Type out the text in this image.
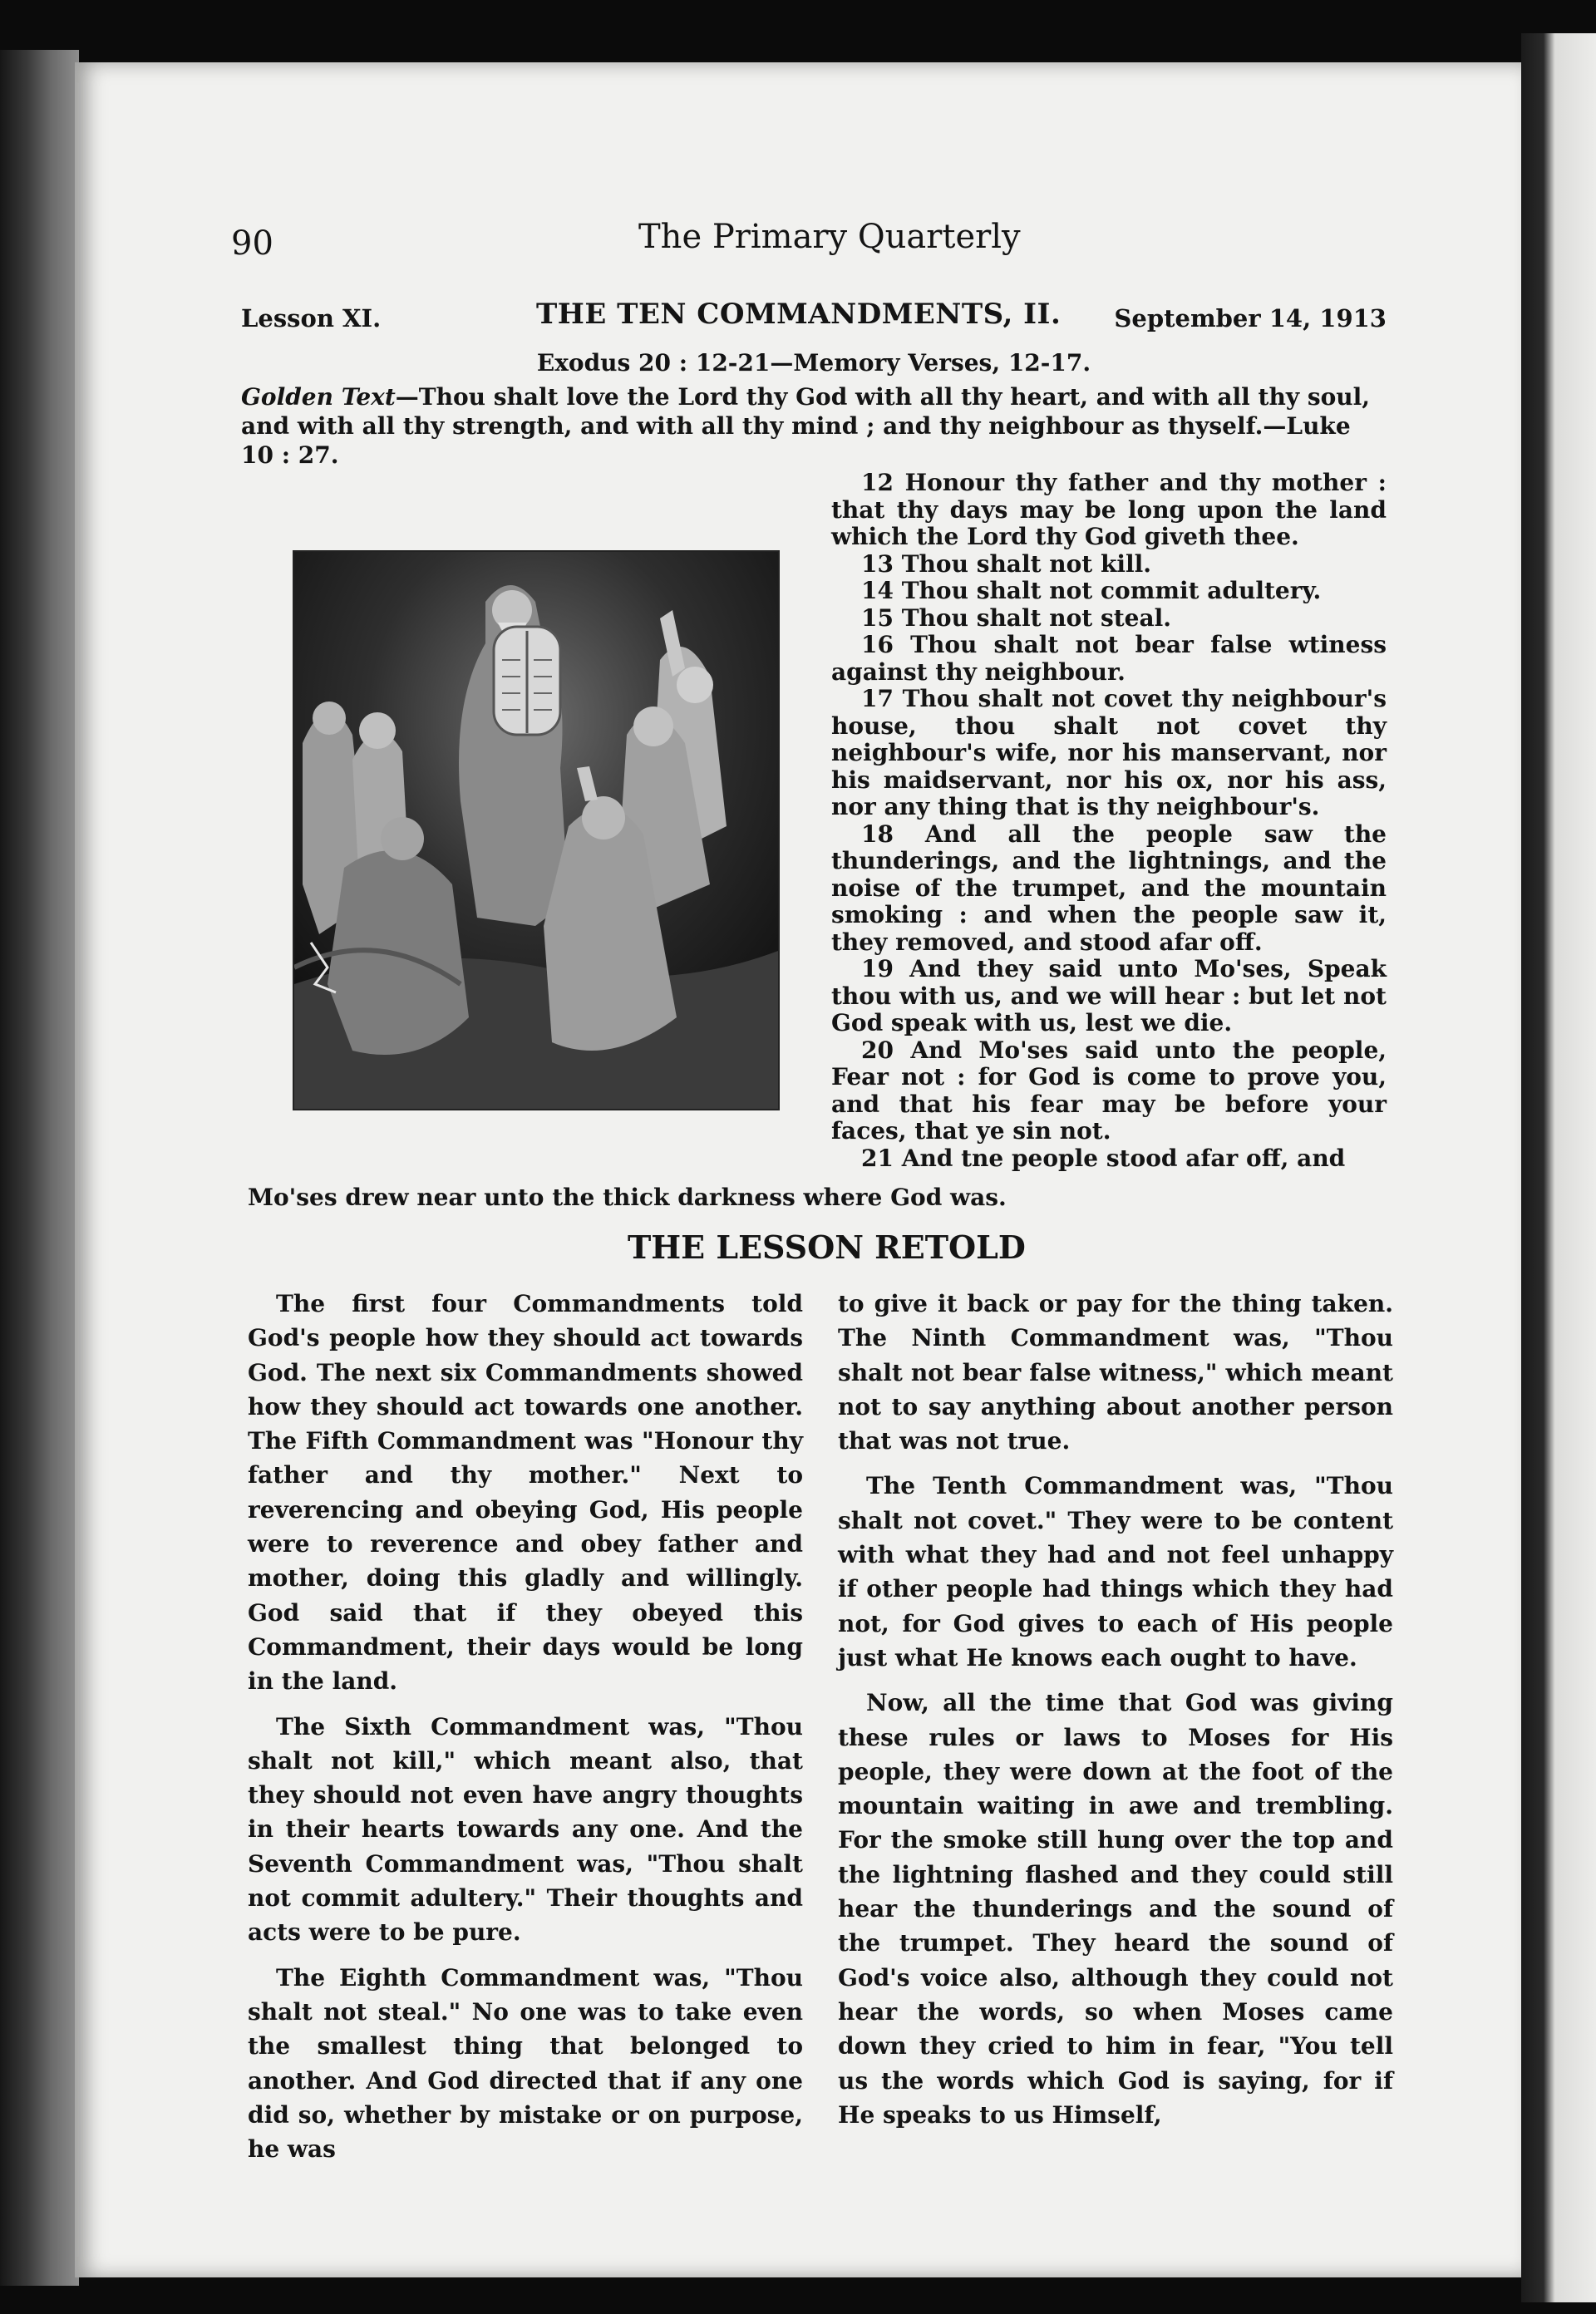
90	The Primary Quarterly
Lesson XI.	THE TEN COMMANDMENTS, II. September 14, 1913
Exodus 20 : 12-21—Memory Verses, 12-17.
Golden Text—Thou shalt love the Lord thy God with all thy heart, and with all thy soul, and with all thy strength, and with all thy mind ; and thy neighbour as thyself.—Luke 10 : 27.

12 Honour thy father and thy mother : that thy days may be long upon the land which the Lord thy God giveth thee.

13 Thou shalt not kill.

14 Thou shalt not commit adultery.

15 Thou shalt not steal.

16 Thou shalt not bear false wtiness against thy neighbour.

17 Thou shalt not covet thy neighbour's house, thou shalt not covet thy neighbour's wife, nor his manservant, nor his maidservant, nor his ox, nor his ass, nor any thing that is thy neighbour's.

18 And all the people saw the thunderings, and the lightnings, and the noise of the trumpet, and the mountain smoking : and when the people saw it, they removed, and stood afar off.

19 And they said unto Mo'ses, Speak thou with us, and we will hear : but let not God speak with us, lest we die.

20 And Mo'ses said unto the people, Fear not : for God is come to prove you, and that his fear may be before your faces, that ye sin not.

21 And tne people stood afar off, and

Mo'ses drew near unto the thick darkness where God was.
THE LESSON RETOLD

The first four Commandments told God's people how they should act towards God. The next six Commandments showed how they should act towards one another. The Fifth Commandment was "Honour thy father and thy mother." Next to reverencing and obeying God, His people were to reverence and obey father and mother, doing this gladly and willingly. God said that if they obeyed this Commandment, their days would be long in the land.

The Sixth Commandment was, "Thou shalt not kill," which meant also, that they should not even have angry thoughts in their hearts towards any one. And the Seventh Commandment was, "Thou shalt not commit adultery." Their thoughts and acts were to be pure.

The Eighth Commandment was, "Thou shalt not steal." No one was to take even the smallest thing that belonged to another. And God directed that if any one did so, whether by mistake or on purpose, he was

to give it back or pay for the thing taken. The Ninth Commandment was, "Thou shalt not bear false witness," which meant not to say anything about another person that was not true.

The Tenth Commandment was, "Thou shalt not covet." They were to be content with what they had and not feel unhappy if other people had things which they had not, for God gives to each of His people just what He knows each ought to have.

Now, all the time that God was giving these rules or laws to Moses for His people, they were down at the foot of the mountain waiting in awe and trembling. For the smoke still hung over the top and the lightning flashed and they could still hear the thunderings and the sound of the trumpet. They heard the sound of God's voice also, although they could not hear the words, so when Moses came down they cried to him in fear, "You tell us the words which God is saying, for if He speaks to us Himself,
